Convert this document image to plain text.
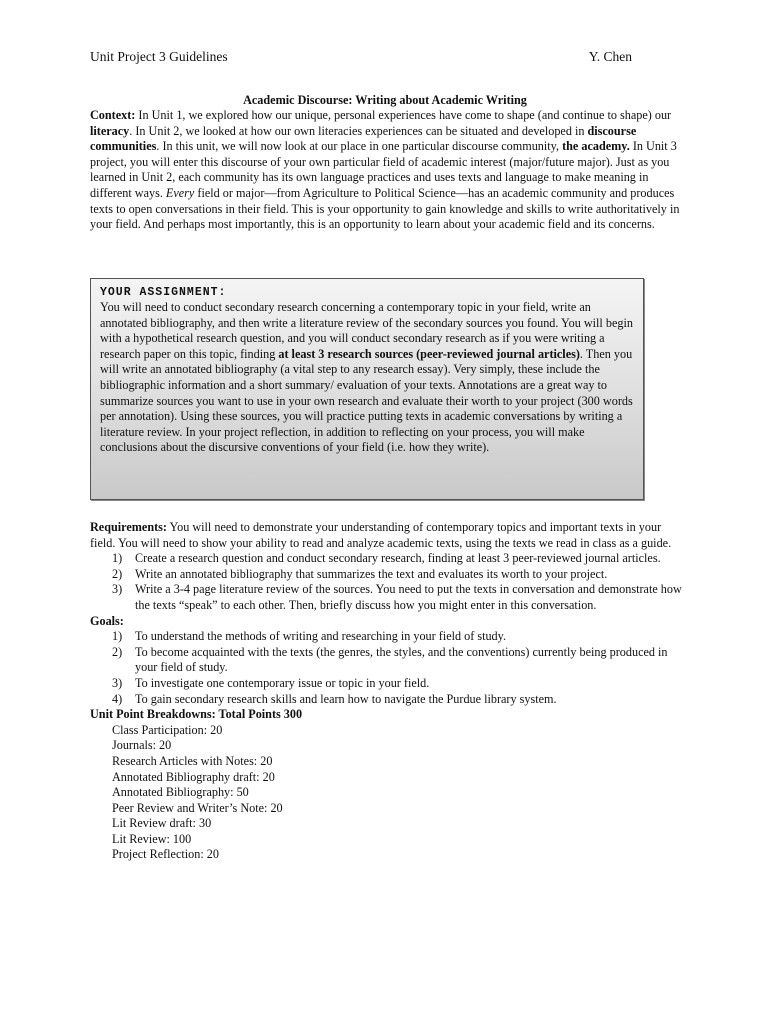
Unit Project 3 Guidelines	Y. Chen
Academic Discourse: Writing about Academic Writing
Context: In Unit 1, we explored how our unique, personal experiences have come to shape (and continue to shape) our literacy. In Unit 2, we looked at how our own literacies experiences can be situated and developed in discourse communities. In this unit, we will now look at our place in one particular discourse community, the academy. In Unit 3 project, you will enter this discourse of your own particular field of academic interest (major/future major). Just as you learned in Unit 2, each community has its own language practices and uses texts and language to make meaning in different ways. Every field or major—from Agriculture to Political Science—has an academic community and produces texts to open conversations in their field. This is your opportunity to gain knowledge and skills to write authoritatively in your field. And perhaps most importantly, this is an opportunity to learn about your academic field and its concerns.
YOUR ASSIGNMENT:
You will need to conduct secondary research concerning a contemporary topic in your field, write an annotated bibliography, and then write a literature review of the secondary sources you found. You will begin with a hypothetical research question, and you will conduct secondary research as if you were writing a research paper on this topic, finding at least 3 research sources (peer-reviewed journal articles). Then you will write an annotated bibliography (a vital step to any research essay). Very simply, these include the bibliographic information and a short summary/ evaluation of your texts. Annotations are a great way to summarize sources you want to use in your own research and evaluate their worth to your project (300 words per annotation). Using these sources, you will practice putting texts in academic conversations by writing a literature review. In your project reflection, in addition to reflecting on your process, you will make conclusions about the discursive conventions of your field (i.e. how they write).
Requirements: You will need to demonstrate your understanding of contemporary topics and important texts in your field. You will need to show your ability to read and analyze academic texts, using the texts we read in class as a guide.
1) Create a research question and conduct secondary research, finding at least 3 peer-reviewed journal articles.
2) Write an annotated bibliography that summarizes the text and evaluates its worth to your project.
3) Write a 3-4 page literature review of the sources. You need to put the texts in conversation and demonstrate how the texts “speak” to each other. Then, briefly discuss how you might enter in this conversation.
Goals:
1) To understand the methods of writing and researching in your field of study.
2) To become acquainted with the texts (the genres, the styles, and the conventions) currently being produced in your field of study.
3) To investigate one contemporary issue or topic in your field.
4) To gain secondary research skills and learn how to navigate the Purdue library system.
Unit Point Breakdowns: Total Points 300
Class Participation: 20
Journals: 20
Research Articles with Notes: 20
Annotated Bibliography draft: 20
Annotated Bibliography: 50
Peer Review and Writer’s Note: 20
Lit Review draft: 30
Lit Review: 100
Project Reflection: 20
